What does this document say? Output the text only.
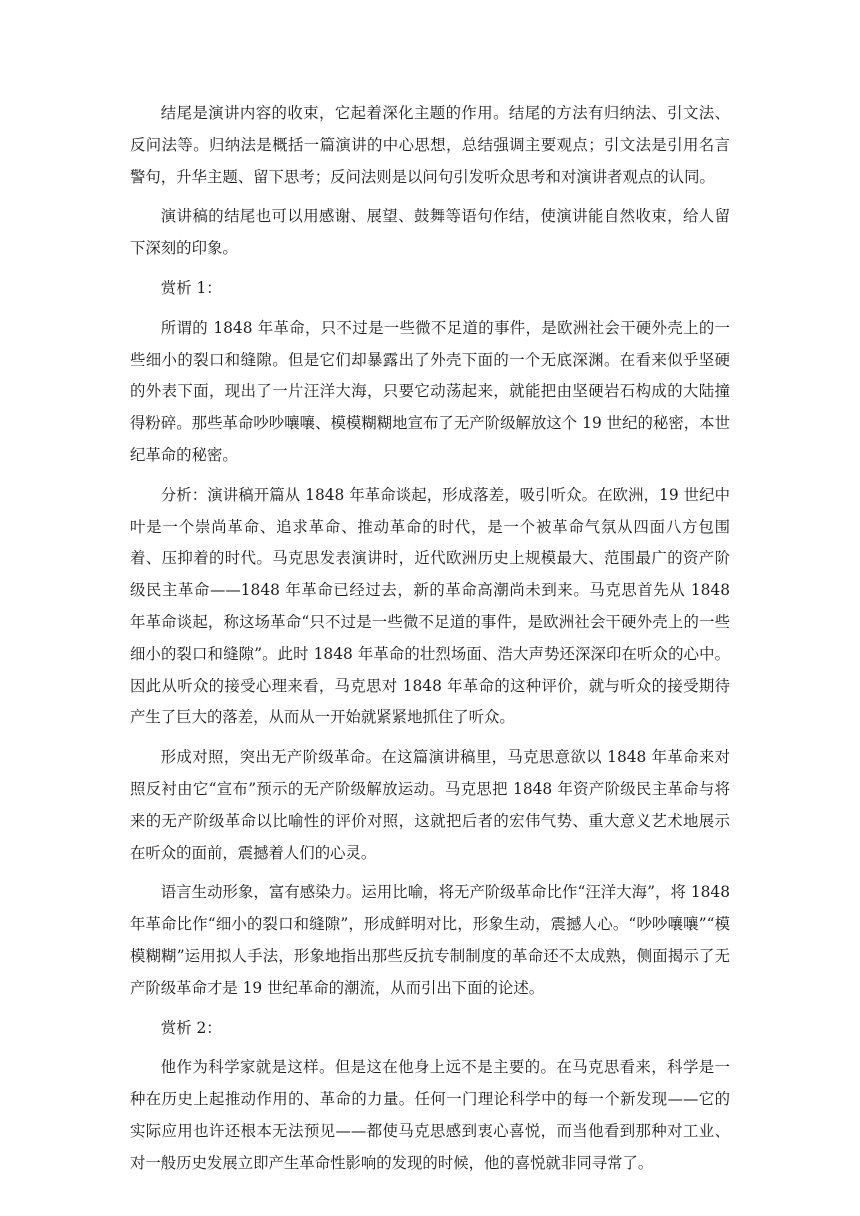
结尾是演讲内容的收束，它起着深化主题的作用。结尾的方法有归纳法、引文法、反问法等。归纳法是概括一篇演讲的中心思想，总结强调主要观点；引文法是引用名言警句，升华主题、留下思考；反问法则是以问句引发听众思考和对演讲者观点的认同。

演讲稿的结尾也可以用感谢、展望、鼓舞等语句作结，使演讲能自然收束，给人留下深刻的印象。

赏析 1：

所谓的 1848 年革命，只不过是一些微不足道的事件，是欧洲社会干硬外壳上的一些细小的裂口和缝隙。但是它们却暴露出了外壳下面的一个无底深渊。在看来似乎坚硬的外表下面，现出了一片汪洋大海，只要它动荡起来，就能把由坚硬岩石构成的大陆撞得粉碎。那些革命吵吵嚷嚷、模模糊糊地宣布了无产阶级解放这个 19 世纪的秘密，本世纪革命的秘密。

分析：演讲稿开篇从 1848 年革命谈起，形成落差，吸引听众。在欧洲，19 世纪中叶是一个崇尚革命、追求革命、推动革命的时代，是一个被革命气氛从四面八方包围着、压抑着的时代。马克思发表演讲时，近代欧洲历史上规模最大、范围最广的资产阶级民主革命——1848 年革命已经过去，新的革命高潮尚未到来。马克思首先从 1848 年革命谈起，称这场革命“只不过是一些微不足道的事件，是欧洲社会干硬外壳上的一些细小的裂口和缝隙”。此时 1848 年革命的壮烈场面、浩大声势还深深印在听众的心中。因此从听众的接受心理来看，马克思对 1848 年革命的这种评价，就与听众的接受期待产生了巨大的落差，从而从一开始就紧紧地抓住了听众。

形成对照，突出无产阶级革命。在这篇演讲稿里，马克思意欲以 1848 年革命来对照反衬由它“宣布”预示的无产阶级解放运动。马克思把 1848 年资产阶级民主革命与将来的无产阶级革命以比喻性的评价对照，这就把后者的宏伟气势、重大意义艺术地展示在听众的面前，震撼着人们的心灵。

语言生动形象，富有感染力。运用比喻，将无产阶级革命比作“汪洋大海”，将 1848 年革命比作“细小的裂口和缝隙”，形成鲜明对比，形象生动，震撼人心。“吵吵嚷嚷”“模模糊糊”运用拟人手法，形象地指出那些反抗专制制度的革命还不太成熟，侧面揭示了无产阶级革命才是 19 世纪革命的潮流，从而引出下面的论述。

赏析 2：

他作为科学家就是这样。但是这在他身上远不是主要的。在马克思看来，科学是一种在历史上起推动作用的、革命的力量。任何一门理论科学中的每一个新发现——它的实际应用也许还根本无法预见——都使马克思感到衷心喜悦，而当他看到那种对工业、对一般历史发展立即产生革命性影响的发现的时候，他的喜悦就非同寻常了。
